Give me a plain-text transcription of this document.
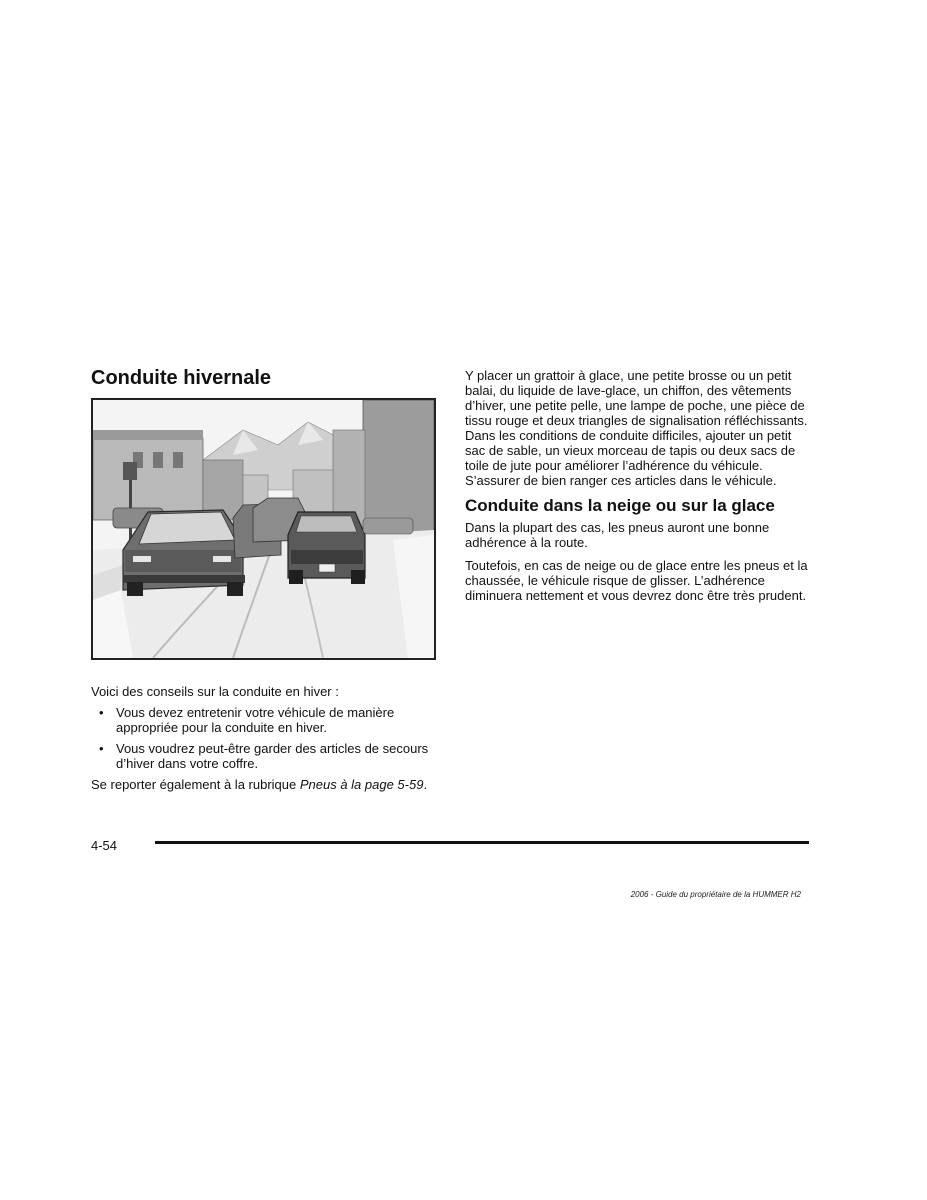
Conduite hivernale

Voici des conseils sur la conduite en hiver :

• Vous devez entretenir votre véhicule de manière appropriée pour la conduite en hiver.
• Vous voudrez peut-être garder des articles de secours d’hiver dans votre coffre.

Se reporter également à la rubrique Pneus à la page 5-59.

Y placer un grattoir à glace, une petite brosse ou un petit balai, du liquide de lave-glace, un chiffon, des vêtements d’hiver, une petite pelle, une lampe de poche, une pièce de tissu rouge et deux triangles de signalisation réfléchissants. Dans les conditions de conduite difficiles, ajouter un petit sac de sable, un vieux morceau de tapis ou deux sacs de toile de jute pour améliorer l’adhérence du véhicule. S’assurer de bien ranger ces articles dans le véhicule.

Conduite dans la neige ou sur la glace

Dans la plupart des cas, les pneus auront une bonne adhérence à la route.

Toutefois, en cas de neige ou de glace entre les pneus et la chaussée, le véhicule risque de glisser. L’adhérence diminuera nettement et vous devrez donc être très prudent.

4-54
2006 - Guide du propriétaire de la HUMMER H2
